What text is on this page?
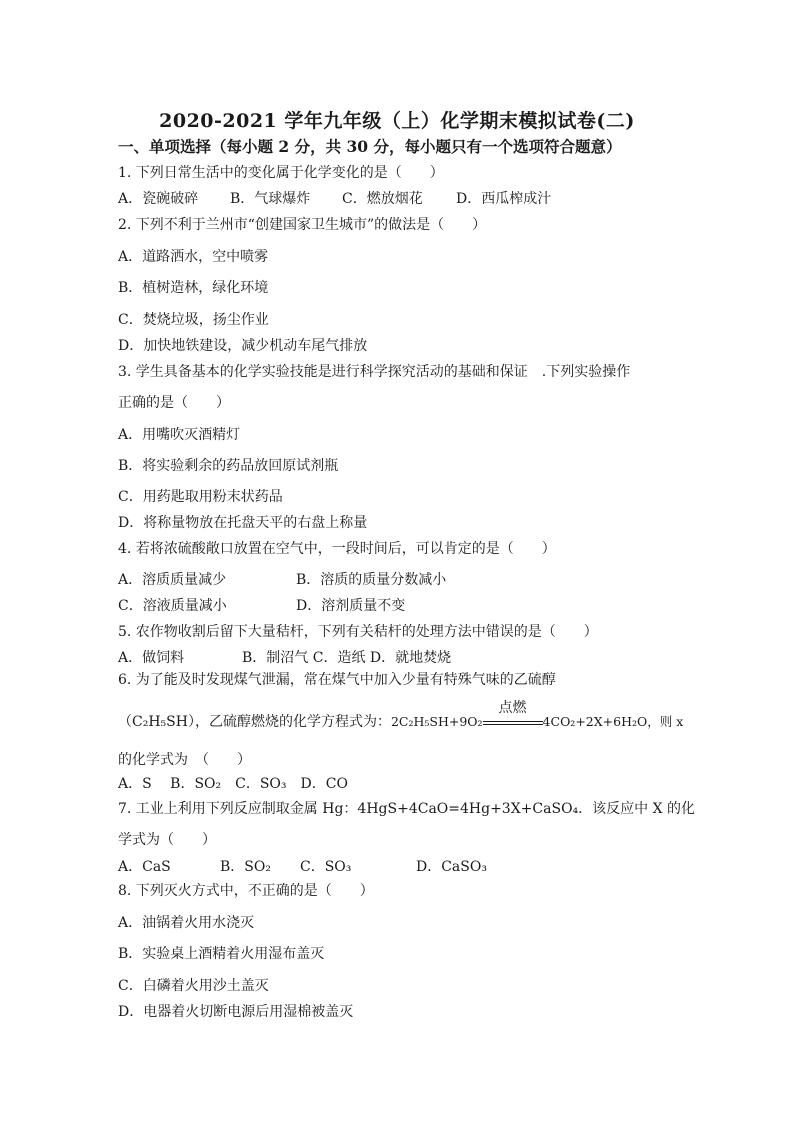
2020-2021 学年九年级（上）化学期末模拟试卷(二)
一、单项选择（每小题 2 分，共 30 分，每小题只有一个选项符合题意）
1. 下列日常生活中的变化属于化学变化的是（　　）
A．瓷碗破碎 B．气球爆炸 C．燃放烟花 D．西瓜榨成汁
2. 下列不利于兰州市“创建国家卫生城市”的做法是（　　）
A．道路洒水，空中喷雾
B．植树造林，绿化环境
C．焚烧垃圾，扬尘作业
D．加快地铁建设，减少机动车尾气排放
3. 学生具备基本的化学实验技能是进行科学探究活动的基础和保证　.下列实验操作
正确的是（　　）
A．用嘴吹灭酒精灯
B．将实验剩余的药品放回原试剂瓶
C．用药匙取用粉末状药品
D．将称量物放在托盘天平的右盘上称量
4. 若将浓硫酸敞口放置在空气中，一段时间后，可以肯定的是（　　）
A．溶质质量减少	B．溶质的质量分数减小
C．溶液质量减小	D．溶剂质量不变
5. 农作物收割后留下大量秸杆，下列有关秸杆的处理方法中错误的是（　　）
A．做饲料	B．制沼气 C．造纸 D．就地焚烧
6. 为了能及时发现煤气泄漏，常在煤气中加入少量有特殊气味的乙硫醇
（C₂H₅SH），乙硫醇燃烧的化学方程式为：2C₂H₅SH+9O₂
点燃
4CO₂+2X+6H₂O，则 x
的化学式为　（　　）
A．S　 B．SO₂　C．SO₃　D．CO
7. 工业上利用下列反应制取金属 Hg：4HgS+4CaO=4Hg+3X+CaSO₄．该反应中 X 的化
学式为（　　）
A．CaS	B．SO₂ C．SO₃	D．CaSO₃
8. 下列灭火方式中，不正确的是（　　）
A．油锅着火用水浇灭
B．实验桌上酒精着火用湿布盖灭
C．白磷着火用沙土盖灭
D．电器着火切断电源后用湿棉被盖灭
